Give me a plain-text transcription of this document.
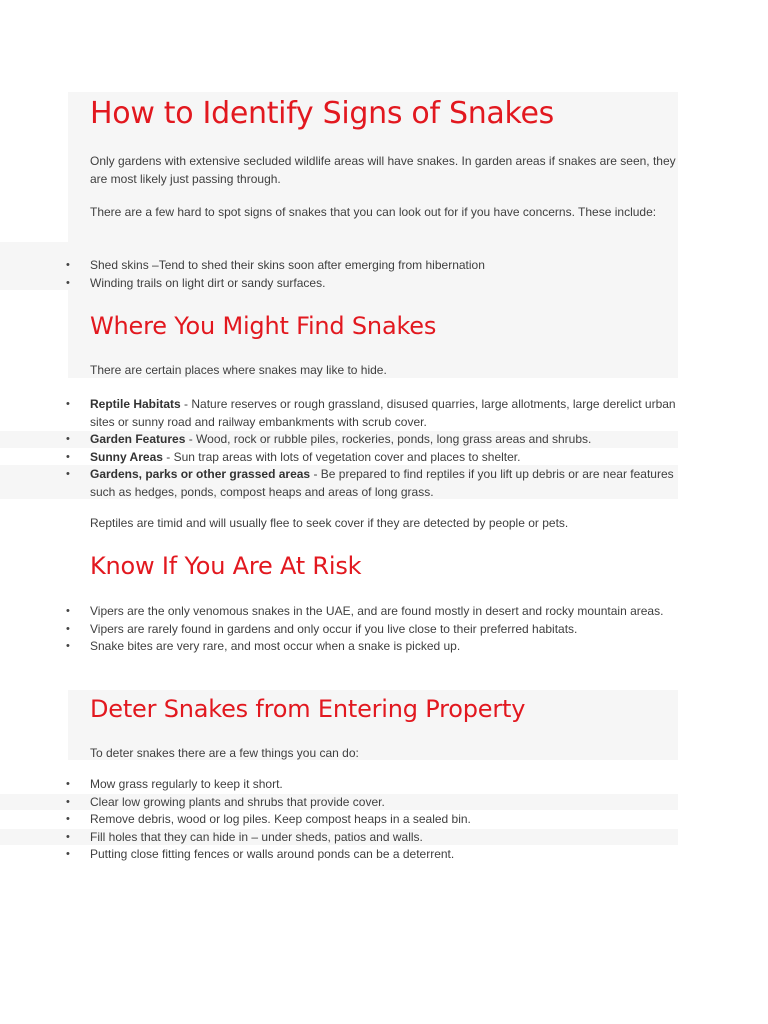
How to Identify Signs of Snakes

Only gardens with extensive secluded wildlife areas will have snakes. In garden areas if snakes are seen, they are most likely just passing through.

There are a few hard to spot signs of snakes that you can look out for if you have concerns. These include:

• Shed skins –Tend to shed their skins soon after emerging from hibernation
• Winding trails on light dirt or sandy surfaces.
Where You Might Find Snakes

There are certain places where snakes may like to hide.

• Reptile Habitats - Nature reserves or rough grassland, disused quarries, large allotments, large derelict urban sites or sunny road and railway embankments with scrub cover.
• Garden Features - Wood, rock or rubble piles, rockeries, ponds, long grass areas and shrubs.
• Sunny Areas - Sun trap areas with lots of vegetation cover and places to shelter.
• Gardens, parks or other grassed areas - Be prepared to find reptiles if you lift up debris or are near features such as hedges, ponds, compost heaps and areas of long grass.

Reptiles are timid and will usually flee to seek cover if they are detected by people or pets.

Know If You Are At Risk
• Vipers are the only venomous snakes in the UAE, and are found mostly in desert and rocky mountain areas.
• Vipers are rarely found in gardens and only occur if you live close to their preferred habitats.
• Snake bites are very rare, and most occur when a snake is picked up.
Deter Snakes from Entering Property

To deter snakes there are a few things you can do:

• Mow grass regularly to keep it short.
• Clear low growing plants and shrubs that provide cover.
• Remove debris, wood or log piles. Keep compost heaps in a sealed bin.
• Fill holes that they can hide in – under sheds, patios and walls.
• Putting close fitting fences or walls around ponds can be a deterrent.
